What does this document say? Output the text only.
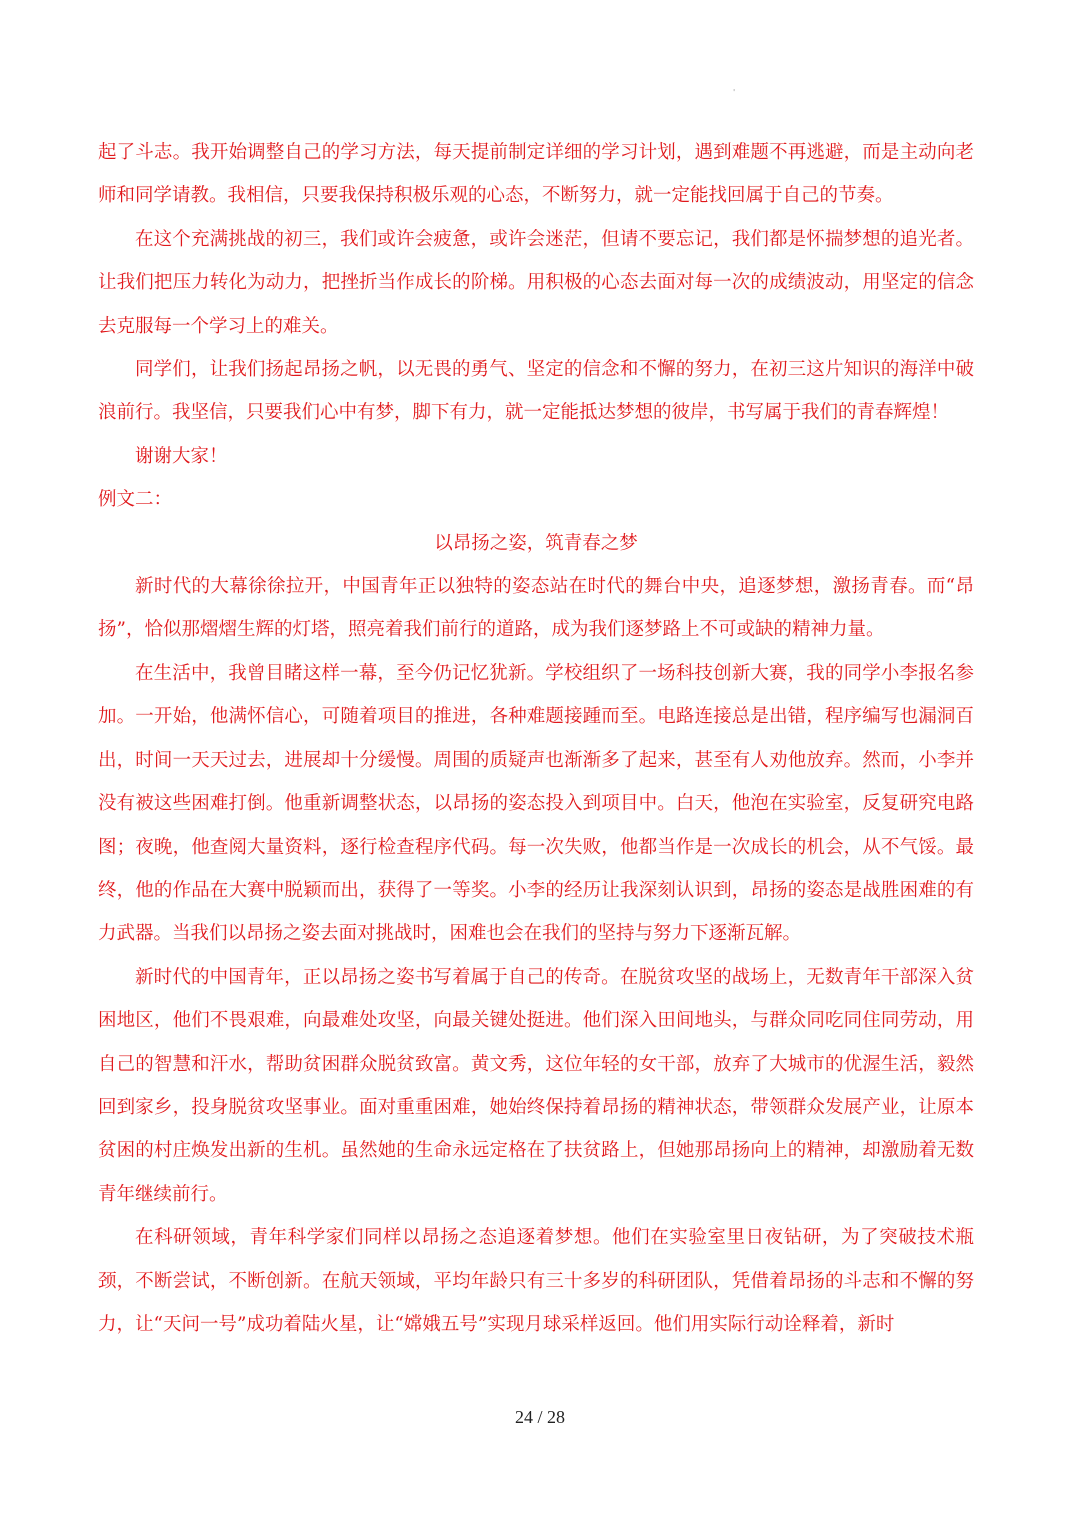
'

起了斗志。我开始调整自己的学习方法，每天提前制定详细的学习计划，遇到难题不再逃避，而是主动向老师和同学请教。我相信，只要我保持积极乐观的心态，不断努力，就一定能找回属于自己的节奏。

在这个充满挑战的初三，我们或许会疲惫，或许会迷茫，但请不要忘记，我们都是怀揣梦想的追光者。让我们把压力转化为动力，把挫折当作成长的阶梯。用积极的心态去面对每一次的成绩波动，用坚定的信念去克服每一个学习上的难关。

同学们，让我们扬起昂扬之帆，以无畏的勇气、坚定的信念和不懈的努力，在初三这片知识的海洋中破浪前行。我坚信，只要我们心中有梦，脚下有力，就一定能抵达梦想的彼岸，书写属于我们的青春辉煌！

谢谢大家！

例文二：

以昂扬之姿，筑青春之梦

新时代的大幕徐徐拉开，中国青年正以独特的姿态站在时代的舞台中央，追逐梦想，激扬青春。而“昂扬”，恰似那熠熠生辉的灯塔，照亮着我们前行的道路，成为我们逐梦路上不可或缺的精神力量。

在生活中，我曾目睹这样一幕，至今仍记忆犹新。学校组织了一场科技创新大赛，我的同学小李报名参加。一开始，他满怀信心，可随着项目的推进，各种难题接踵而至。电路连接总是出错，程序编写也漏洞百出，时间一天天过去，进展却十分缓慢。周围的质疑声也渐渐多了起来，甚至有人劝他放弃。然而，小李并没有被这些困难打倒。他重新调整状态，以昂扬的姿态投入到项目中。白天，他泡在实验室，反复研究电路图；夜晚，他查阅大量资料，逐行检查程序代码。每一次失败，他都当作是一次成长的机会，从不气馁。最终，他的作品在大赛中脱颖而出，获得了一等奖。小李的经历让我深刻认识到，昂扬的姿态是战胜困难的有力武器。当我们以昂扬之姿去面对挑战时，困难也会在我们的坚持与努力下逐渐瓦解。

新时代的中国青年，正以昂扬之姿书写着属于自己的传奇。在脱贫攻坚的战场上，无数青年干部深入贫困地区，他们不畏艰难，向最难处攻坚，向最关键处挺进。他们深入田间地头，与群众同吃同住同劳动，用自己的智慧和汗水，帮助贫困群众脱贫致富。黄文秀，这位年轻的女干部，放弃了大城市的优渥生活，毅然回到家乡，投身脱贫攻坚事业。面对重重困难，她始终保持着昂扬的精神状态，带领群众发展产业，让原本贫困的村庄焕发出新的生机。虽然她的生命永远定格在了扶贫路上，但她那昂扬向上的精神，却激励着无数青年继续前行。

在科研领域，青年科学家们同样以昂扬之态追逐着梦想。他们在实验室里日夜钻研，为了突破技术瓶颈，不断尝试，不断创新。在航天领域，平均年龄只有三十多岁的科研团队，凭借着昂扬的斗志和不懈的努力，让“天问一号”成功着陆火星，让“嫦娥五号”实现月球采样返回。他们用实际行动诠释着，新时

24 / 28
